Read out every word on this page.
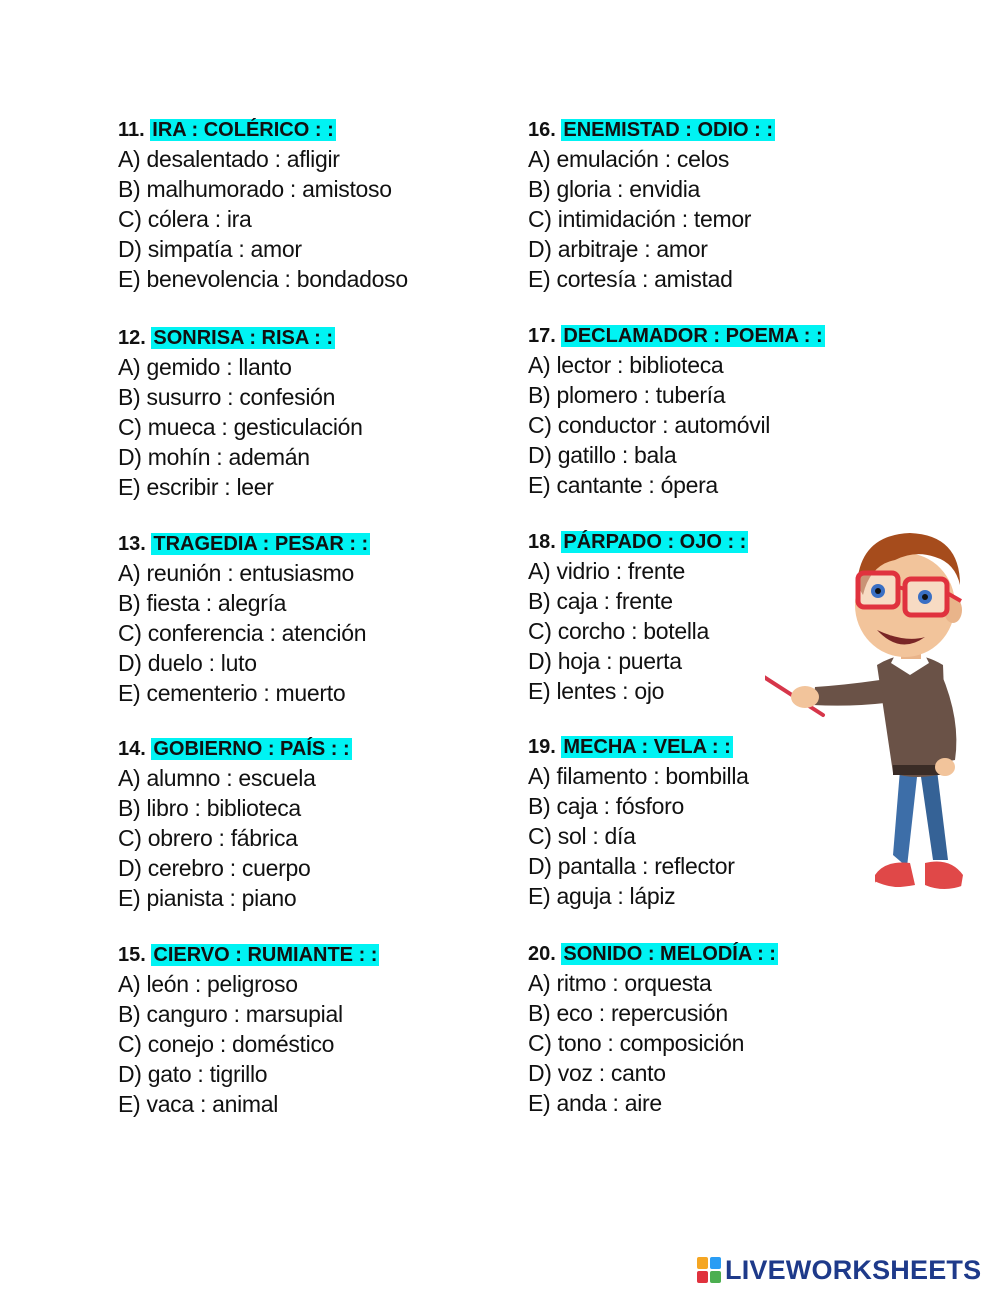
11. IRA : COLÉRICO : :
A) desalentado : afligir
B) malhumorado : amistoso
C) cólera : ira
D) simpatía : amor
E) benevolencia : bondadoso
12. SONRISA : RISA : :
A) gemido : llanto
B) susurro : confesión
C) mueca : gesticulación
D) mohín : ademán
E) escribir : leer
13. TRAGEDIA : PESAR : :
A) reunión : entusiasmo
B) fiesta : alegría
C) conferencia : atención
D) duelo : luto
E) cementerio : muerto
14. GOBIERNO : PAÍS : :
A) alumno : escuela
B) libro : biblioteca
C) obrero : fábrica
D) cerebro : cuerpo
E) pianista : piano
15. CIERVO : RUMIANTE : :
A) león : peligroso
B) canguro : marsupial
C) conejo : doméstico
D) gato : tigrillo
E) vaca : animal
16. ENEMISTAD : ODIO : :
A) emulación : celos
B) gloria : envidia
C) intimidación : temor
D) arbitraje : amor
E) cortesía : amistad
17. DECLAMADOR : POEMA : :
A) lector : biblioteca
B) plomero : tubería
C) conductor : automóvil
D) gatillo : bala
E) cantante : ópera
18. PÁRPADO : OJO : :
A) vidrio : frente
B) caja : frente
C) corcho : botella
D) hoja : puerta
E) lentes : ojo
19. MECHA : VELA : :
A) filamento : bombilla
B) caja : fósforo
C) sol : día
D) pantalla : reflector
E) aguja : lápiz
20. SONIDO : MELODÍA : :
A) ritmo : orquesta
B) eco : repercusión
C) tono : composición
D) voz : canto
E) anda : aire
LIVEWORKSHEETS
